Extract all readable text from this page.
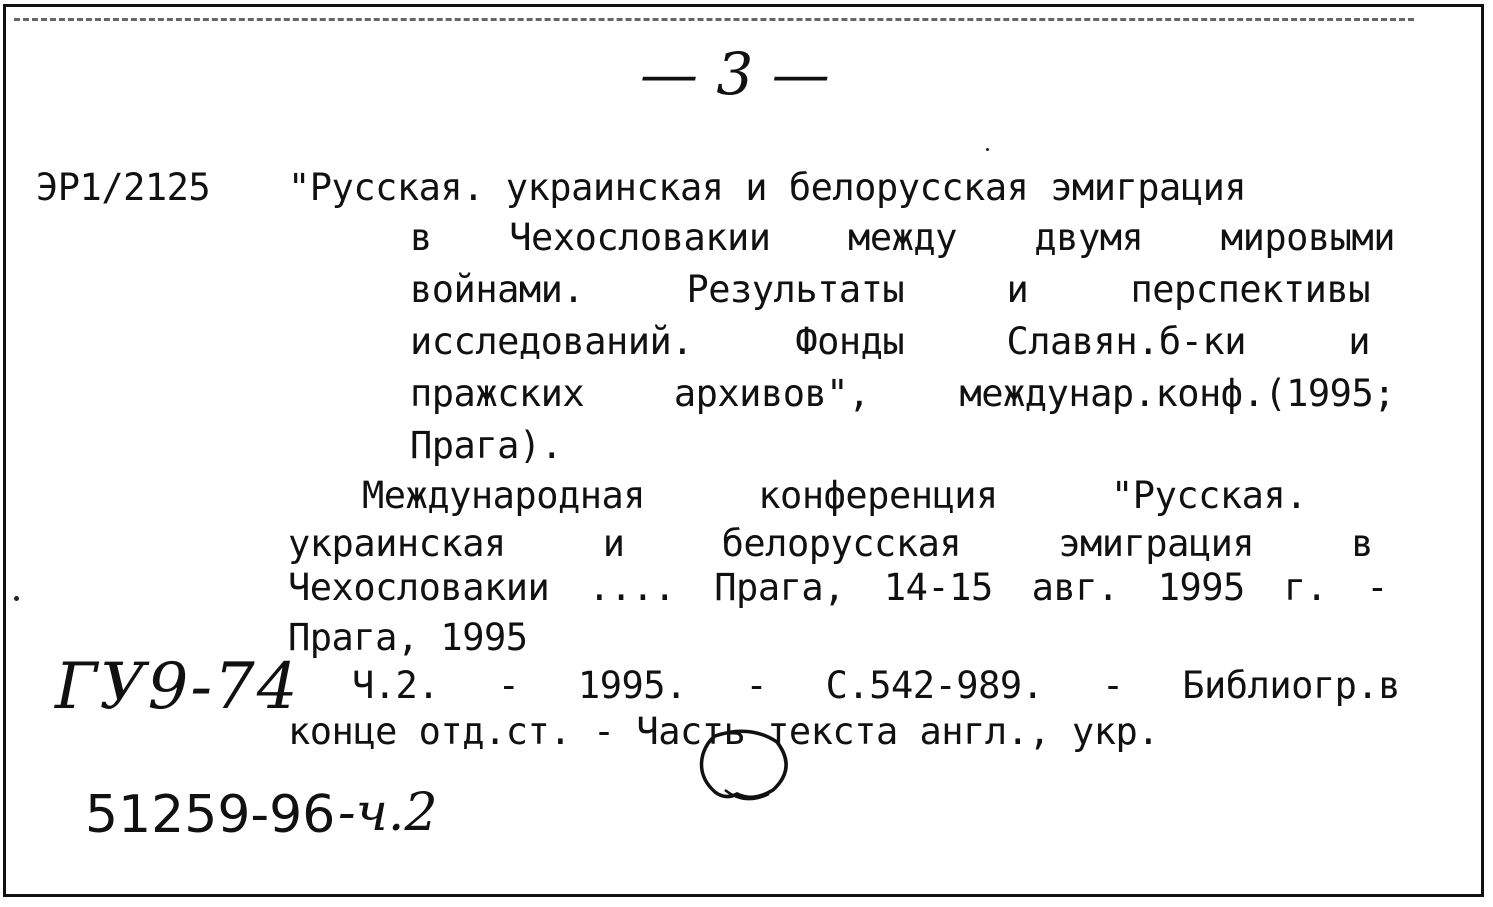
— 3 —
ЭР1/2125 "Русская. украинская и белорусская эмиграция
в Чехословакии между двумя мировыми
войнами. Результаты и перспективы
исследований. Фонды Славян.б-ки и
пражских архивов", междунар.конф.(1995;
Прага).
Международная конференция "Русская.
украинская и белорусская эмиграция в
Чехословакии .... Прага, 14-15 авг. 1995 г. -
Прага, 1995
Ч.2. - 1995. - С.542-989. - Библиогр.в
конце отд.ст. - Часть текста англ., укр.
ГУ9-74
51259-96 -ч.2
